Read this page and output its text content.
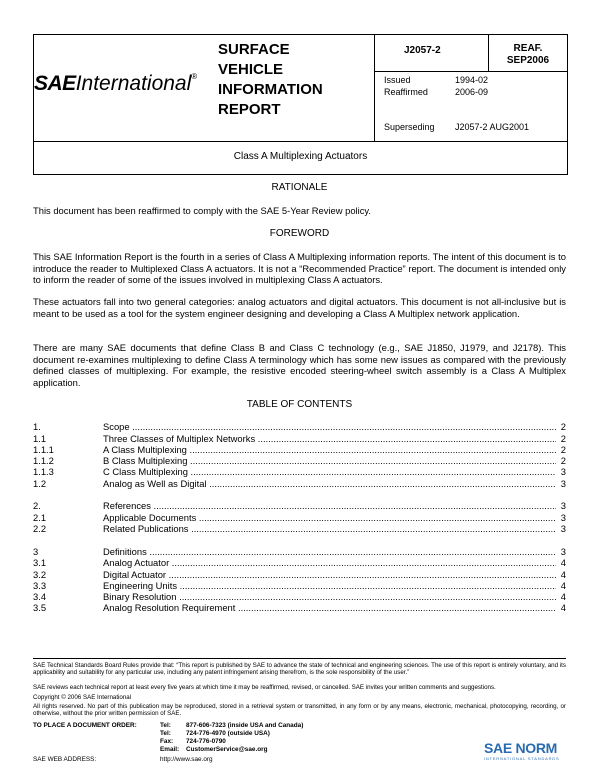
SAEInternational®
SURFACE
VEHICLE
INFORMATION
REPORT
J2057-2	REAF.
SEP2006
Issued	1994-02
Reaffirmed	2006-09
Superseding J2057-2 AUG2001
Class A Multiplexing Actuators
RATIONALE
This document has been reaffirmed to comply with the SAE 5-Year Review policy.
FOREWORD
This SAE Information Report is the fourth in a series of Class A Multiplexing information reports. The intent of this document is to introduce the reader to Multiplexed Class A actuators. It is not a “Recommended Practice” report. The document is intended only to inform the reader of some of the issues involved in multiplexing Class A actuators.
These actuators fall into two general categories: analog actuators and digital actuators. This document is not all-inclusive but is meant to be used as a tool for the system engineer designing and developing a Class A Multiplex network application.
There are many SAE documents that define Class B and Class C technology (e.g., SAE J1850, J1979, and J2178). This document re-examines multiplexing to define Class A terminology which has some new issues as compared with the previously defined classes of multiplexing. For example, the resistive encoded steering-wheel switch assembly is a Class A Multiplex application.
TABLE OF CONTENTS
1.	Scope .....	2
1.1	Three Classes of Multiplex Networks .....	2
1.1.1	A Class Multiplexing .....	2
1.1.2	B Class Multiplexing .....	2
1.1.3	C Class Multiplexing .....	3
1.2	Analog as Well as Digital .....	3
2.	References .....	3
2.1	Applicable Documents .....	3
2.2	Related Publications .....	3
3	Definitions .....	3
3.1	Analog Actuator .....	4
3.2	Digital Actuator .....	4
3.3	Engineering Units .....	4
3.4	Binary Resolution .....	4
3.5	Analog Resolution Requirement .....	4
SAE Technical Standards Board Rules provide that: “This report is published by SAE to advance the state of technical and engineering sciences. The use of this report is entirely voluntary, and its applicability and suitability for any particular use, including any patent infringement arising therefrom, is the sole responsibility of the user.”
SAE reviews each technical report at least every five years at which time it may be reaffirmed, revised, or cancelled. SAE invites your written comments and suggestions.
Copyright © 2006 SAE International
All rights reserved. No part of this publication may be reproduced, stored in a retrieval system or transmitted, in any form or by any means, electronic, mechanical, photocopying, recording, or otherwise, without the prior written permission of SAE.
TO PLACE A DOCUMENT ORDER:	Tel: 877-606-7323 (inside USA and Canada)
Tel: 724-776-4970 (outside USA)
Fax: 724-776-0790
Email: CustomerService@sae.org
SAE WEB ADDRESS:	http://www.sae.org
SAE NORM
INTERNATIONAL STANDARDS
